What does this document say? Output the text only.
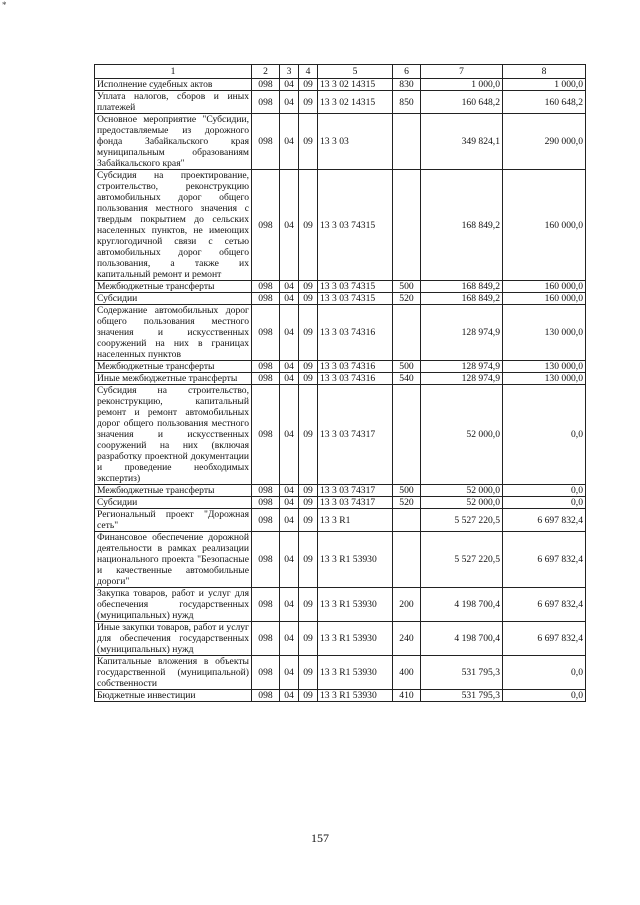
*
1	2	3	4	5	6	7	8
Исполнение судебных актов	098	04	09	13 3 02 14315	830	1 000,0	1 000,0
Уплата налогов, сборов и иных платежей	098	04	09	13 3 02 14315	850	160 648,2	160 648,2
Основное мероприятие "Субсидии, предоставляемые из дорожного фонда Забайкальского края муниципальным образованиям Забайкальского края"	098	04	09	13 3 03		349 824,1	290 000,0
Субсидия на проектирование, строительство, реконструкцию автомобильных дорог общего пользования местного значения с твердым покрытием до сельских населенных пунктов, не имеющих круглогодичной связи с сетью автомобильных дорог общего пользования, а также их капитальный ремонт и ремонт	098	04	09	13 3 03 74315		168 849,2	160 000,0
Межбюджетные трансферты	098	04	09	13 3 03 74315	500	168 849,2	160 000,0
Субсидии	098	04	09	13 3 03 74315	520	168 849,2	160 000,0
Содержание автомобильных дорог общего пользования местного значения и искусственных сооружений на них в границах населенных пунктов	098	04	09	13 3 03 74316		128 974,9	130 000,0
Межбюджетные трансферты	098	04	09	13 3 03 74316	500	128 974,9	130 000,0
Иные межбюджетные трансферты	098	04	09	13 3 03 74316	540	128 974,9	130 000,0
Субсидия на строительство, реконструкцию, капитальный ремонт и ремонт автомобильных дорог общего пользования местного значения и искусственных сооружений на них (включая разработку проектной документации и проведение необходимых экспертиз)	098	04	09	13 3 03 74317		52 000,0	0,0
Межбюджетные трансферты	098	04	09	13 3 03 74317	500	52 000,0	0,0
Субсидии	098	04	09	13 3 03 74317	520	52 000,0	0,0
Региональный проект "Дорожная сеть"	098	04	09	13 3 R1		5 527 220,5	6 697 832,4
Финансовое обеспечение дорожной деятельности в рамках реализации национального проекта "Безопасные и качественные автомобильные дороги"	098	04	09	13 3 R1 53930		5 527 220,5	6 697 832,4
Закупка товаров, работ и услуг для обеспечения государственных (муниципальных) нужд	098	04	09	13 3 R1 53930	200	4 198 700,4	6 697 832,4
Иные закупки товаров, работ и услуг для обеспечения государственных (муниципальных) нужд	098	04	09	13 3 R1 53930	240	4 198 700,4	6 697 832,4
Капитальные вложения в объекты государственной (муниципальной) собственности	098	04	09	13 3 R1 53930	400	531 795,3	0,0
Бюджетные инвестиции	098	04	09	13 3 R1 53930	410	531 795,3	0,0
157
